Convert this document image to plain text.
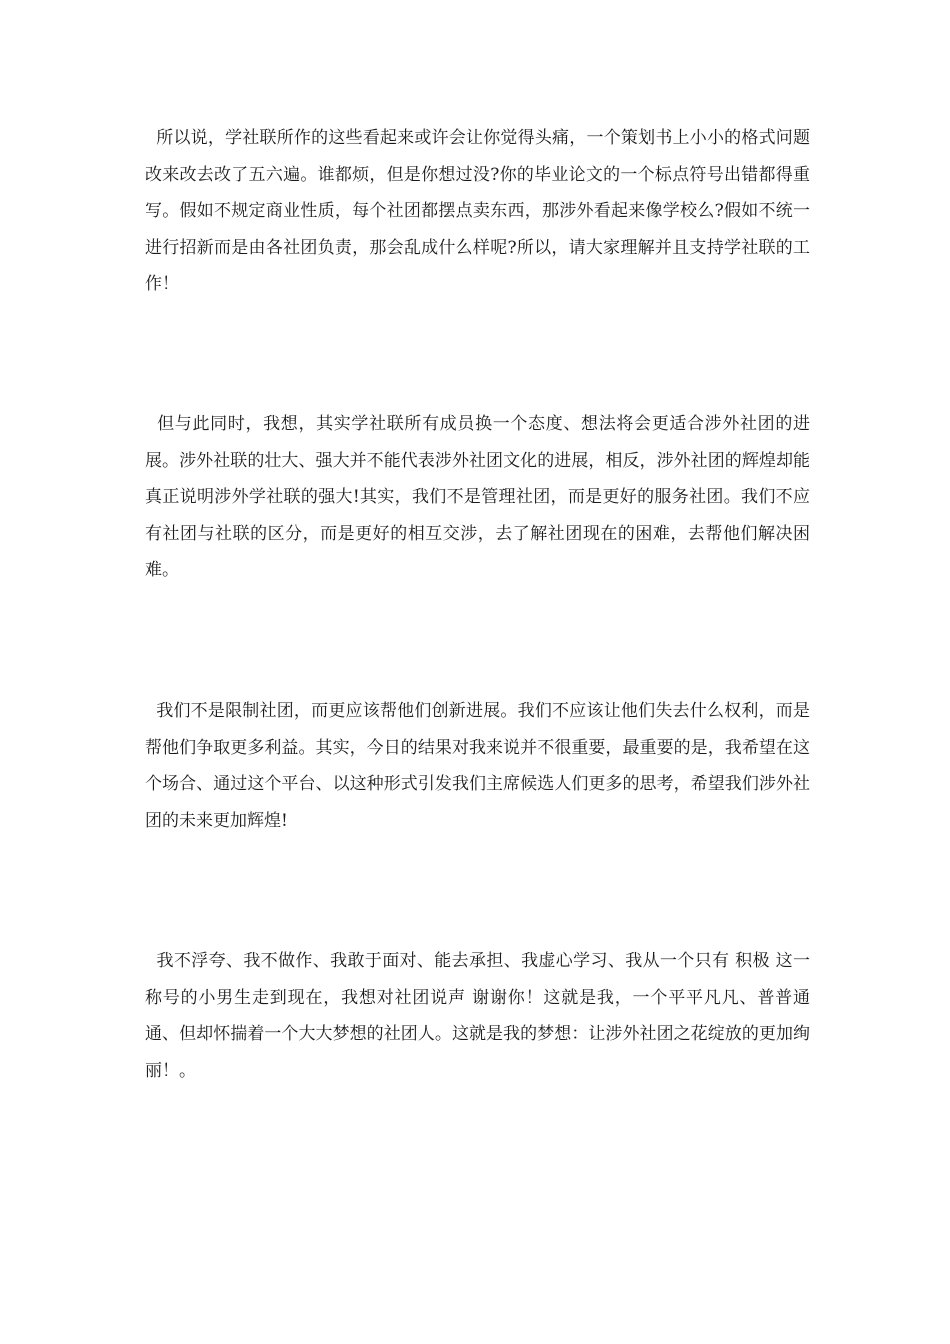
所以说，学社联所作的这些看起来或许会让你觉得头痛，一个策划书上小小的格式问题改来改去改了五六遍。谁都烦，但是你想过没?你的毕业论文的一个标点符号出错都得重写。假如不规定商业性质，每个社团都摆点卖东西，那涉外看起来像学校么?假如不统一进行招新而是由各社团负责，那会乱成什么样呢?所以，请大家理解并且支持学社联的工作！

但与此同时，我想，其实学社联所有成员换一个态度、想法将会更适合涉外社团的进展。涉外社联的壮大、强大并不能代表涉外社团文化的进展，相反，涉外社团的辉煌却能真正说明涉外学社联的强大!其实，我们不是管理社团，而是更好的服务社团。我们不应有社团与社联的区分，而是更好的相互交涉，去了解社团现在的困难，去帮他们解决困难。

我们不是限制社团，而更应该帮他们创新进展。我们不应该让他们失去什么权利，而是帮他们争取更多利益。其实，今日的结果对我来说并不很重要，最重要的是，我希望在这个场合、通过这个平台、以这种形式引发我们主席候选人们更多的思考，希望我们涉外社团的未来更加辉煌!

我不浮夸、我不做作、我敢于面对、能去承担、我虚心学习、我从一个只有 积极 这一称号的小男生走到现在，我想对社团说声 谢谢你！这就是我，一个平平凡凡、普普通通、但却怀揣着一个大大梦想的社团人。这就是我的梦想：让涉外社团之花绽放的更加绚丽！。
